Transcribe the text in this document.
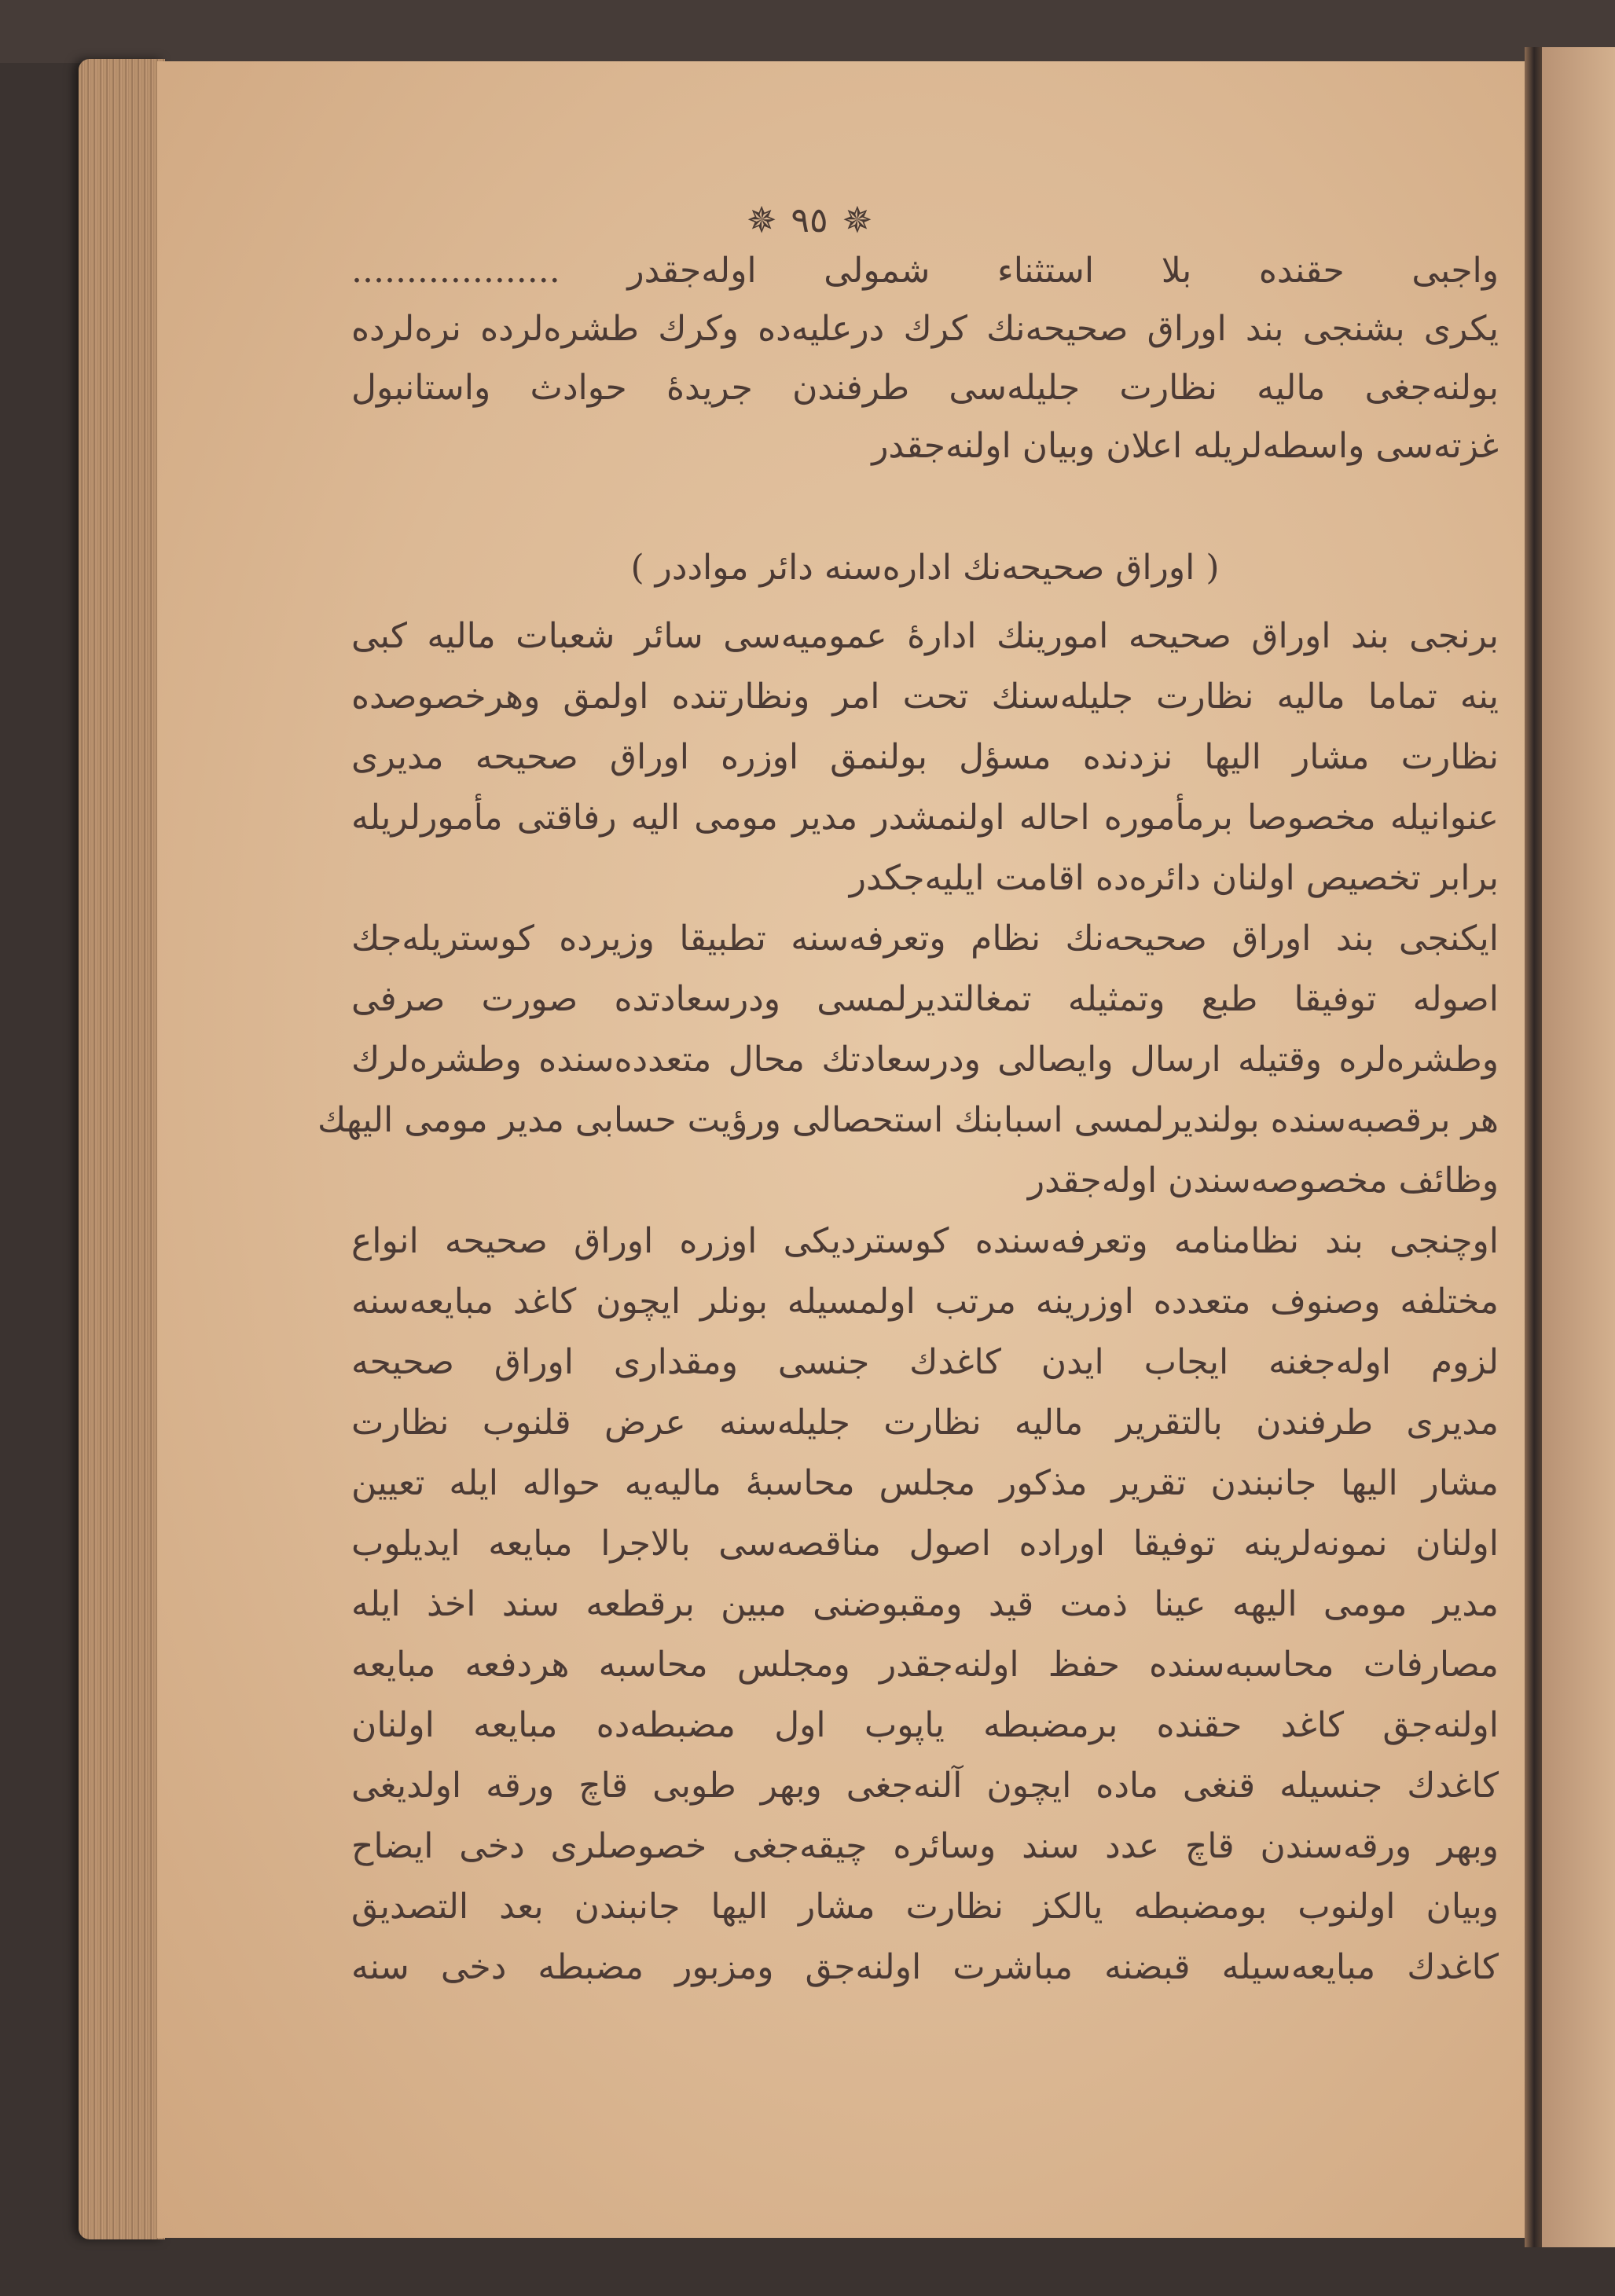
✵ ٩٥ ✵
واجبی حقنده بلا استثناء شمولی اوله‌جقدر ...................
یکری بشنجی بند اوراق صحیحه‌نك كرك درعلیه‌ده وكرك طشره‌لرده نره‌لرده
بولنه‌جغی مالیه نظارت جلیله‌سی طرفندن جریدهٔ حوادث واستانبول
غزته‌سی واسطه‌لریله اعلان وبیان اولنه‌جقدر
( اوراق صحیحه‌نك اداره‌سنه دائر مواددر )
برنجی بند اوراق صحیحه امورینك ادارهٔ عمومیه‌سی سائر شعبات مالیه کبی
ینه تماما مالیه نظارت جلیله‌سنك تحت امر ونظارتنده اولمق وهرخصوصده
نظارت مشار الیها نزدنده مسؤل بولنمق اوزره اوراق صحیحه مدیری
عنوانیله مخصوصا برمأموره احاله اولنمشدر مدیر مومی الیه رفاقتی مأمورلریله
برابر تخصیص اولنان دائره‌ده اقامت ایلیه‌جکدر
ایکنجی بند اوراق صحیحه‌نك نظام وتعرفه‌سنه تطبیقا وزیرده کوستریله‌جك
اصوله توفیقا طبع وتمثیله تمغالتدیرلمسی ودرسعادتده صورت صرفی
وطشره‌لره وقتیله ارسال وایصالی ودرسعادتك محال متعدده‌سنده وطشره‌لرك
هر برقصبه‌سنده بولندیرلمسی اسبابنك استحصالی ورؤیت حسابی مدیر مومی الیهك
وظائف مخصوصه‌سندن اوله‌جقدر
اوچنجی بند نظامنامه وتعرفه‌سنده کوستردیکی اوزره اوراق صحیحه انواع
مختلفه وصنوف متعدده اوزرینه مرتب اولمسیله بونلر ایچون کاغد مبایعه‌سنه
لزوم اوله‌جغنه ایجاب ایدن کاغدك جنسی ومقداری اوراق صحیحه
مدیری طرفندن بالتقریر مالیه نظارت جلیله‌سنه عرض قلنوب نظارت
مشار الیها جانبندن تقریر مذکور مجلس محاسبهٔ مالیه‌یه حواله ایله تعیین
اولنان نمونه‌لرینه توفیقا اوراده اصول مناقصه‌سی بالاجرا مبایعه ایدیلوب
مدیر مومی الیهه عینا ذمت قید ومقبوضنی مبین برقطعه سند اخذ ایله
مصارفات محاسبه‌سنده حفظ اولنه‌جقدر ومجلس محاسبه هردفعه مبایعه
اولنه‌جق کاغد حقنده برمضبطه یاپوب اول مضبطه‌ده مبایعه اولنان
کاغدك جنسیله قنغی ماده ایچون آلنه‌جغی وبهر طوبی قاچ ورقه اولدیغی
وبهر ورقه‌سندن قاچ عدد سند وسائره چیقه‌جغی خصوصلری دخی ایضاح
وبیان اولنوب بومضبطه یالکز نظارت مشار الیها جانبندن بعد التصدیق
کاغدك مبایعه‌سیله قبضنه مباشرت اولنه‌جق ومزبور مضبطه دخی سنه
